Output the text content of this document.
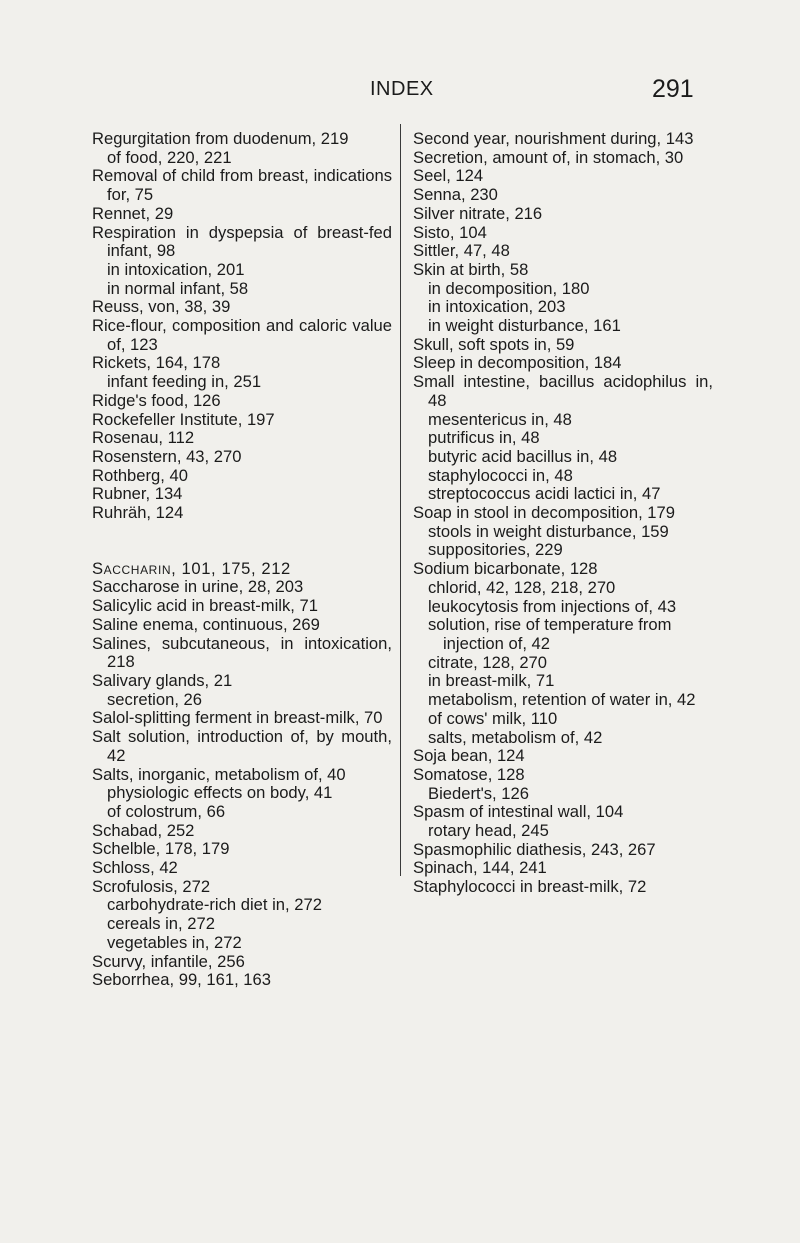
INDEX	291
Regurgitation from duodenum, 219
of food, 220, 221
Removal of child from breast, indications for, 75
Rennet, 29
Respiration in dyspepsia of breast-fed infant, 98
in intoxication, 201
in normal infant, 58
Reuss, von, 38, 39
Rice-flour, composition and caloric value of, 123
Rickets, 164, 178
infant feeding in, 251
Ridge's food, 126
Rockefeller Institute, 197
Rosenau, 112
Rosenstern, 43, 270
Rothberg, 40
Rubner, 134
Ruhräh, 124
Saccharin, 101, 175, 212
Saccharose in urine, 28, 203
Salicylic acid in breast-milk, 71
Saline enema, continuous, 269
Salines, subcutaneous, in intoxication, 218
Salivary glands, 21
secretion, 26
Salol-splitting ferment in breast-milk, 70
Salt solution, introduction of, by mouth, 42
Salts, inorganic, metabolism of, 40
physiologic effects on body, 41
of colostrum, 66
Schabad, 252
Schelble, 178, 179
Schloss, 42
Scrofulosis, 272
carbohydrate-rich diet in, 272
cereals in, 272
vegetables in, 272
Scurvy, infantile, 256
Seborrhea, 99, 161, 163
Second year, nourishment during, 143
Secretion, amount of, in stomach, 30
Seel, 124
Senna, 230
Silver nitrate, 216
Sisto, 104
Sittler, 47, 48
Skin at birth, 58
in decomposition, 180
in intoxication, 203
in weight disturbance, 161
Skull, soft spots in, 59
Sleep in decomposition, 184
Small intestine, bacillus acidophilus in, 48
mesentericus in, 48
putrificus in, 48
butyric acid bacillus in, 48
staphylococci in, 48
streptococcus acidi lactici in, 47
Soap in stool in decomposition, 179
stools in weight disturbance, 159
suppositories, 229
Sodium bicarbonate, 128
chlorid, 42, 128, 218, 270
leukocytosis from injections of, 43
solution, rise of temperature from injection of, 42
citrate, 128, 270
in breast-milk, 71
metabolism, retention of water in, 42
of cows' milk, 110
salts, metabolism of, 42
Soja bean, 124
Somatose, 128
Biedert's, 126
Spasm of intestinal wall, 104
rotary head, 245
Spasmophilic diathesis, 243, 267
Spinach, 144, 241
Staphylococci in breast-milk, 72
